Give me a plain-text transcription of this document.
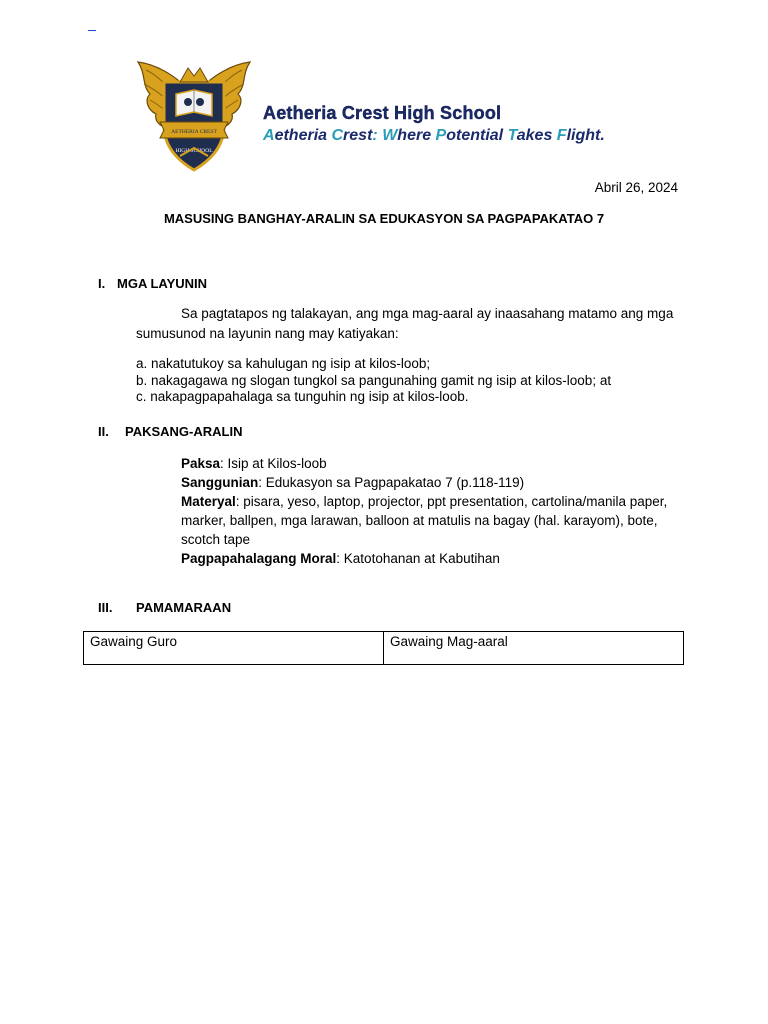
AETHERIA CREST
HIGH SCHOOL
Aetheria Crest High School
Aetheria Crest: Where Potential Takes Flight.
Abril 26, 2024
MASUSING BANGHAY-ARALIN SA EDUKASYON SA PAGPAPAKATAO 7
I. MGA LAYUNIN
Sa pagtatapos ng talakayan, ang mga mag-aaral ay inaasahang matamo ang mga sumusunod na layunin nang may katiyakan:
a. nakatutukoy sa kahulugan ng isip at kilos-loob;
b. nakagagawa ng slogan tungkol sa pangunahing gamit ng isip at kilos-loob; at
c. nakapagpapahalaga sa tunguhin ng isip at kilos-loob.
II. PAKSANG-ARALIN
Paksa: Isip at Kilos-loob
Sanggunian: Edukasyon sa Pagpapakatao 7 (p.118-119)
Materyal: pisara, yeso, laptop, projector, ppt presentation, cartolina/manila paper, marker, ballpen, mga larawan, balloon at matulis na bagay (hal. karayom), bote, scotch tape
Pagpapahalagang Moral: Katotohanan at Kabutihan
III. PAMAMARAAN
Gawaing Guro	Gawaing Mag-aaral
